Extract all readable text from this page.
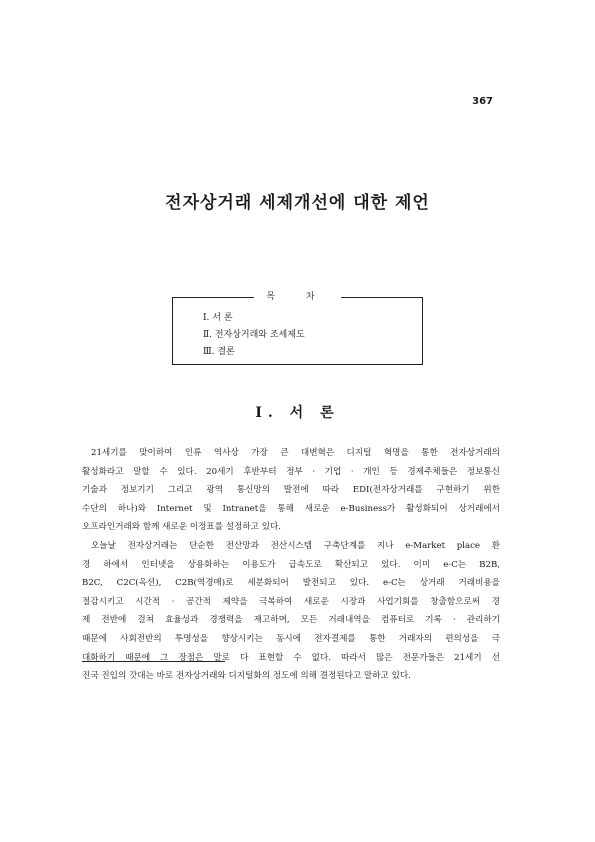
367
전자상거래 세제개선에 대한 제언
목 차
Ⅰ. 서 론
Ⅱ. 전자상거래와 조세제도
Ⅲ. 결론
Ⅰ. 서 론
21세기를 맞이하여 인류 역사상 가장 큰 대변혁은 디지털 혁명을 통한 전자상거래의
활성화라고 말할 수 있다. 20세기 후반부터 정부 · 기업 · 개인 등 경제주체들은 정보통신
기술과 정보기기 그리고 광역 통신망의 발전에 따라 EDI(전자상거래를 구현하기 위한
수단의 하나)와 Internet 및 Intranet을 통해 새로운 e-Business가 활성화되어 상거래에서
오프라인거래와 함께 새로운 이정표를 설정하고 있다.
오늘날 전자상거래는 단순한 전산망과 전산시스템 구축단계를 지나 e-Market place 환
경 하에서 인터넷을 상용화하는 이용도가 급속도로 확산되고 있다. 이미 e-C는 B2B,
B2C, C2C(옥션), C2B(역경매)로 세분화되어 발전되고 있다. e-C는 상거래 거래비용을
절감시키고 시간적 · 공간적 제약을 극복하여 새로운 시장과 사업기회를 창출함으로써 경
제 전반에 걸쳐 효율성과 경쟁력을 제고하며, 모든 거래내역을 컴퓨터로 기록 · 관리하기
때문에 사회전반의 투명성을 향상시키는 동시에 전자결제를 통한 거래자의 편의성을 극
대화하기 때문에 그 장점은 말로 다 표현할 수 없다. 따라서 많은 전문가들은 21세기 선
진국 진입의 갓대는 바로 전자상거래와 디지털화의 정도에 의해 결정된다고 말하고 있다.
